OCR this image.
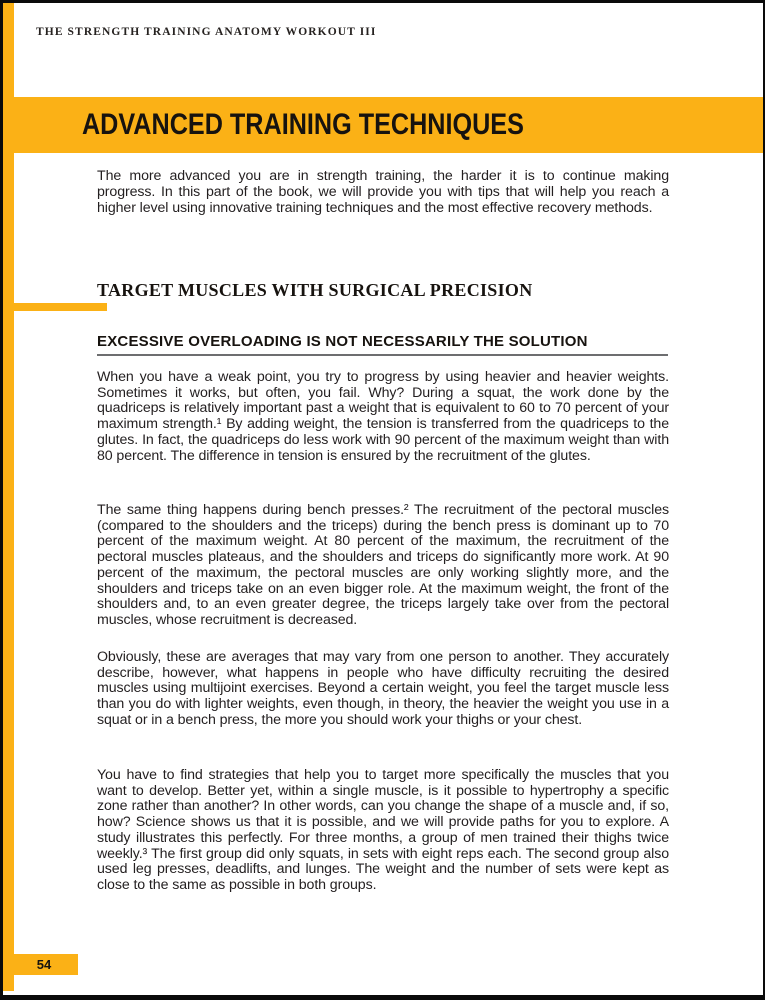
THE STRENGTH TRAINING ANATOMY WORKOUT III
ADVANCED TRAINING TECHNIQUES

The more advanced you are in strength training, the harder it is to continue making progress. In this part of the book, we will provide you with tips that will help you reach a higher level using innovative training techniques and the most effective recovery methods.

TARGET MUSCLES WITH SURGICAL PRECISION
EXCESSIVE OVERLOADING IS NOT NECESSARILY THE SOLUTION

When you have a weak point, you try to progress by using heavier and heavier weights. Sometimes it works, but often, you fail. Why? During a squat, the work done by the quadriceps is relatively important past a weight that is equivalent to 60 to 70 percent of your maximum strength.¹ By adding weight, the tension is transferred from the quadriceps to the glutes. In fact, the quadriceps do less work with 90 percent of the maximum weight than with 80 percent. The difference in tension is ensured by the recruitment of the glutes.

The same thing happens during bench presses.² The recruitment of the pectoral muscles (compared to the shoulders and the triceps) during the bench press is dominant up to 70 percent of the maximum weight. At 80 percent of the maximum, the recruitment of the pectoral muscles plateaus, and the shoulders and triceps do significantly more work. At 90 percent of the maximum, the pectoral muscles are only working slightly more, and the shoulders and triceps take on an even bigger role. At the maximum weight, the front of the shoulders and, to an even greater degree, the triceps largely take over from the pectoral muscles, whose recruitment is decreased.

Obviously, these are averages that may vary from one person to another. They accurately describe, however, what happens in people who have difficulty recruiting the desired muscles using multijoint exercises. Beyond a certain weight, you feel the target muscle less than you do with lighter weights, even though, in theory, the heavier the weight you use in a squat or in a bench press, the more you should work your thighs or your chest.

You have to find strategies that help you to target more specifically the muscles that you want to develop. Better yet, within a single muscle, is it possible to hypertrophy a specific zone rather than another? In other words, can you change the shape of a muscle and, if so, how? Science shows us that it is possible, and we will provide paths for you to explore. A study illustrates this perfectly. For three months, a group of men trained their thighs twice weekly.³ The first group did only squats, in sets with eight reps each. The second group also used leg presses, deadlifts, and lunges. The weight and the number of sets were kept as close to the same as possible in both groups.

54
